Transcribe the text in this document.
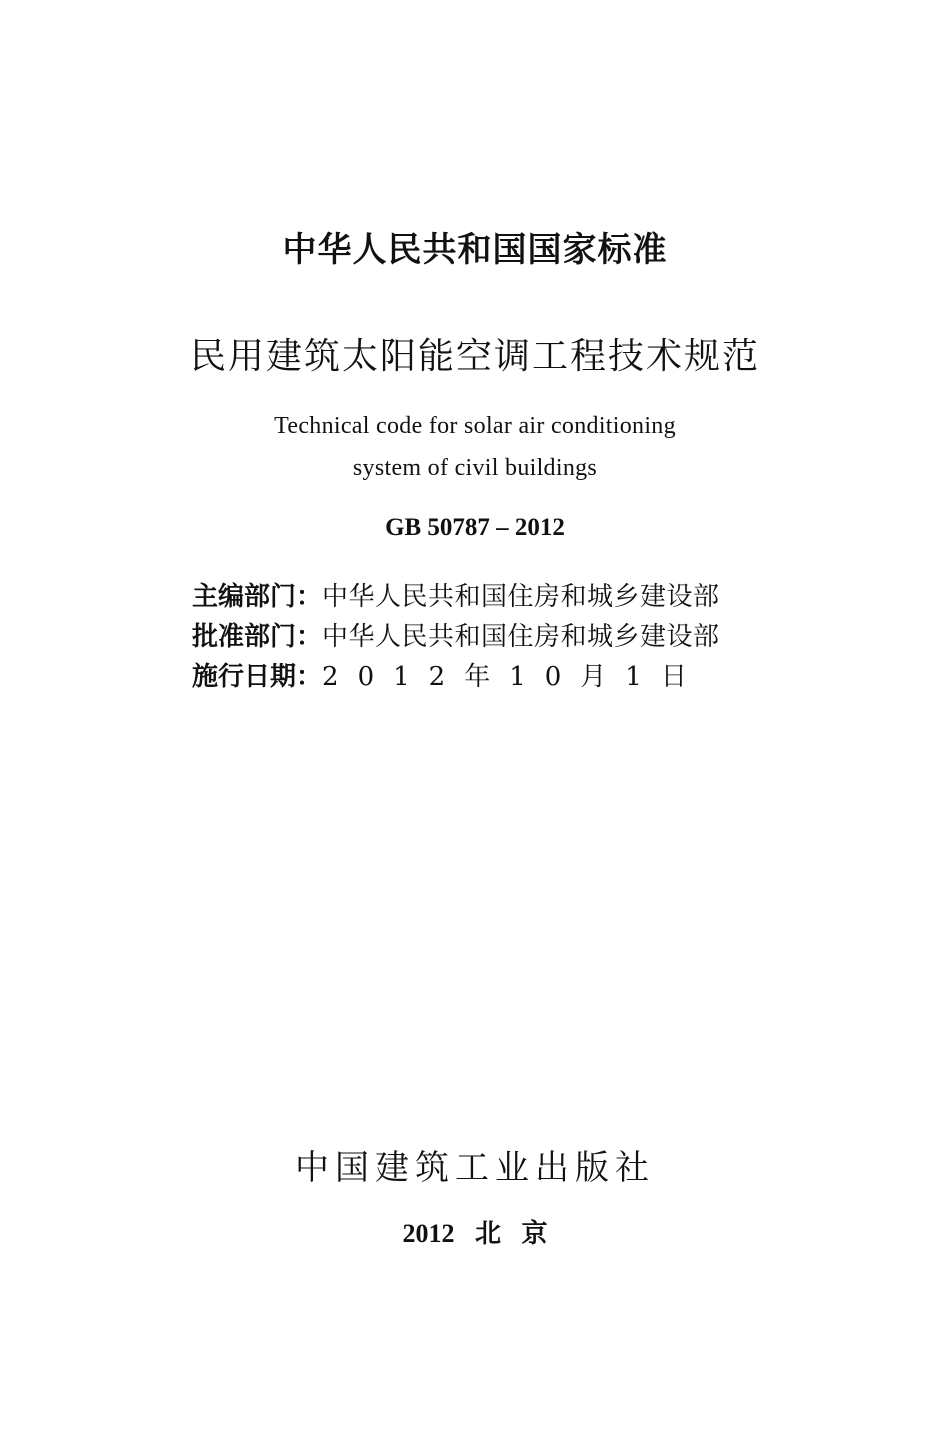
中华人民共和国国家标准
民用建筑太阳能空调工程技术规范
Technical code for solar air conditioning
system of civil buildings
GB 50787 – 2012
主编部门 ： 中华人民共和国住房和城乡建设部
批准部门 ： 中华人民共和国住房和城乡建设部
施行日期 ： 2012年10月1日
中国建筑工业出版社
2012 北 京
